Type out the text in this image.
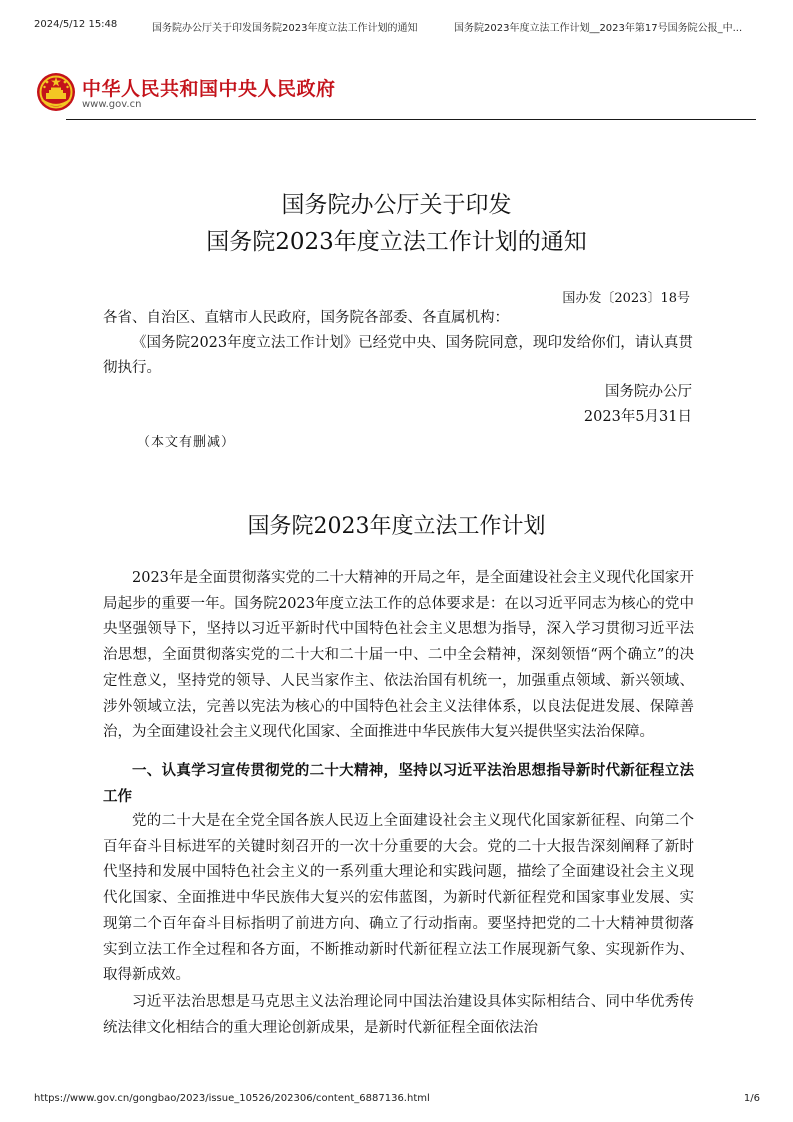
2024/5/12 15:48	国务院办公厅关于印发国务院2023年度立法工作计划的通知	国务院2023年度立法工作计划__2023年第17号国务院公报_中...
中华人民共和国中央人民政府
www.gov.cn
国务院办公厅关于印发
国务院2023年度立法工作计划的通知
国办发〔2023〕18号
各省、自治区、直辖市人民政府，国务院各部委、各直属机构：
《国务院2023年度立法工作计划》已经党中央、国务院同意，现印发给你们，请认真贯彻执行。
国务院办公厅
2023年5月31日
（本文有删减）
国务院2023年度立法工作计划
2023年是全面贯彻落实党的二十大精神的开局之年，是全面建设社会主义现代化国家开局起步的重要一年。国务院2023年度立法工作的总体要求是：在以习近平同志为核心的党中央坚强领导下，坚持以习近平新时代中国特色社会主义思想为指导，深入学习贯彻习近平法治思想，全面贯彻落实党的二十大和二十届一中、二中全会精神，深刻领悟“两个确立”的决定性意义，坚持党的领导、人民当家作主、依法治国有机统一，加强重点领域、新兴领域、涉外领域立法，完善以宪法为核心的中国特色社会主义法律体系，以良法促进发展、保障善治，为全面建设社会主义现代化国家、全面推进中华民族伟大复兴提供坚实法治保障。
一、认真学习宣传贯彻党的二十大精神，坚持以习近平法治思想指导新时代新征程立法工作
党的二十大是在全党全国各族人民迈上全面建设社会主义现代化国家新征程、向第二个百年奋斗目标进军的关键时刻召开的一次十分重要的大会。党的二十大报告深刻阐释了新时代坚持和发展中国特色社会主义的一系列重大理论和实践问题，描绘了全面建设社会主义现代化国家、全面推进中华民族伟大复兴的宏伟蓝图，为新时代新征程党和国家事业发展、实现第二个百年奋斗目标指明了前进方向、确立了行动指南。要坚持把党的二十大精神贯彻落实到立法工作全过程和各方面，不断推动新时代新征程立法工作展现新气象、实现新作为、取得新成效。
习近平法治思想是马克思主义法治理论同中国法治建设具体实际相结合、同中华优秀传统法律文化相结合的重大理论创新成果，是新时代新征程全面依法治
https://www.gov.cn/gongbao/2023/issue_10526/202306/content_6887136.html	1/6
